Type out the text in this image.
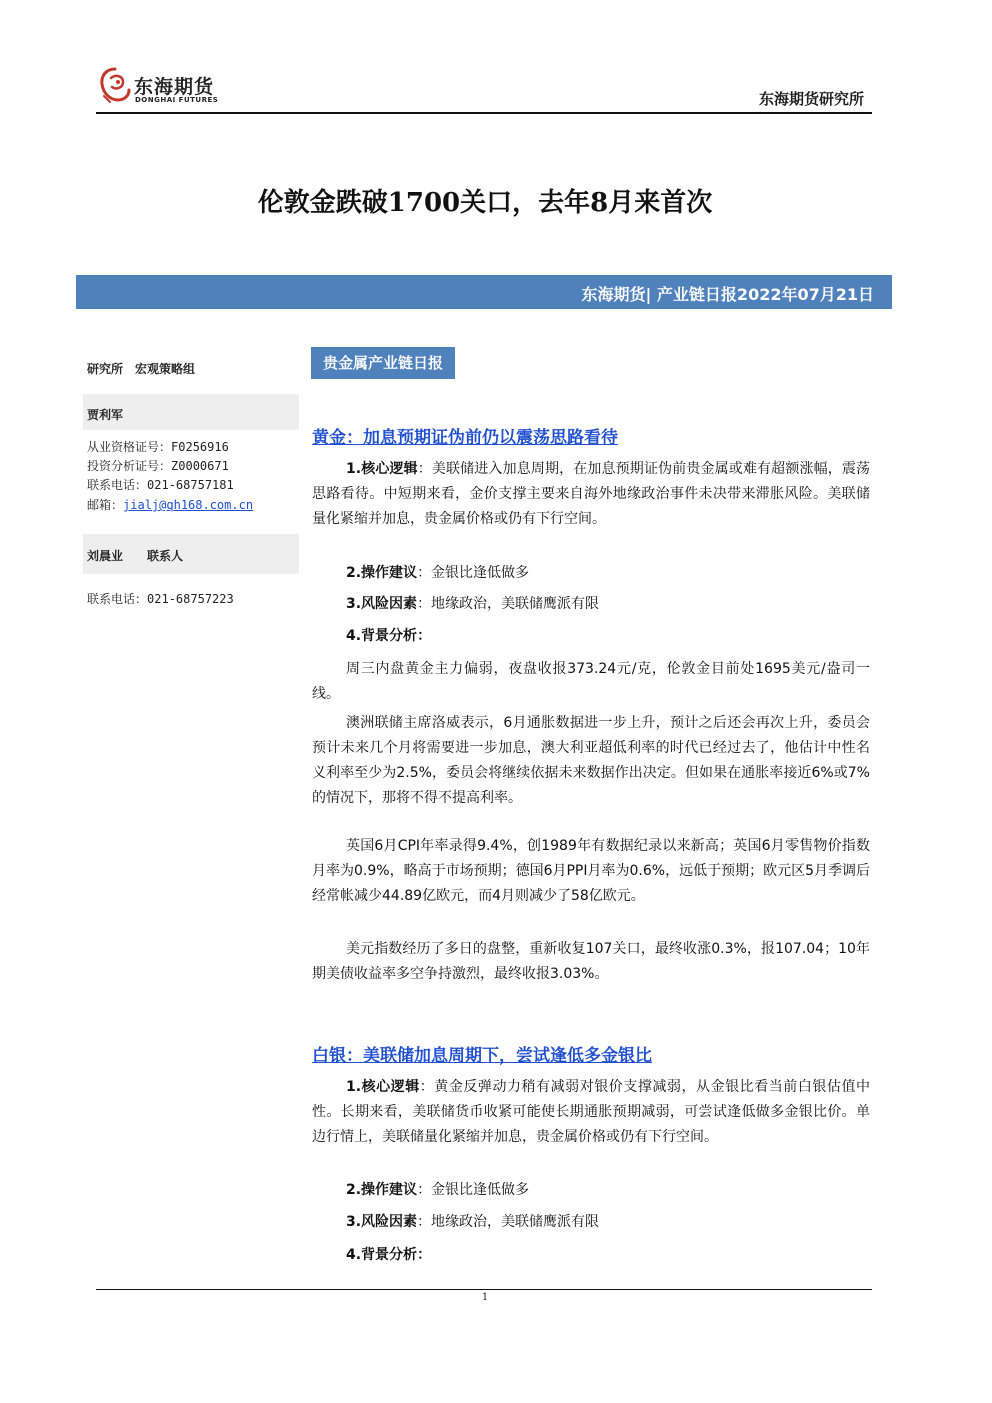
东海期货
DONGHAI FUTURES	东海期货研究所
伦敦金跌破1700关口，去年8月来首次
东海期货| 产业链日报2022年07月21日
研究所　宏观策略组
贾利军
从业资格证号：F0256916
投资分析证号：Z0000671
联系电话：021-68757181
邮箱：jialj@qh168.com.cn
刘晨业　　联系人
联系电话：021-68757223
贵金属产业链日报
黄金：加息预期证伪前仍以震荡思路看待
1.核心逻辑：美联储进入加息周期，在加息预期证伪前贵金属或难有超额涨幅，震荡思路看待。中短期来看，金价支撑主要来自海外地缘政治事件未决带来滞胀风险。美联储量化紧缩并加息，贵金属价格或仍有下行空间。
2.操作建议：金银比逢低做多
3.风险因素：地缘政治，美联储鹰派有限
4.背景分析：
周三内盘黄金主力偏弱，夜盘收报373.24元/克，伦敦金目前处1695美元/盎司一线。
澳洲联储主席洛威表示，6月通胀数据进一步上升，预计之后还会再次上升，委员会预计未来几个月将需要进一步加息，澳大利亚超低利率的时代已经过去了，他估计中性名义利率至少为2.5%，委员会将继续依据未来数据作出决定。但如果在通胀率接近6%或7%的情况下，那将不得不提高利率。
英国6月CPI年率录得9.4%，创1989年有数据纪录以来新高；英国6月零售物价指数月率为0.9%，略高于市场预期；德国6月PPI月率为0.6%，远低于预期；欧元区5月季调后经常帐减少44.89亿欧元，而4月则减少了58亿欧元。
美元指数经历了多日的盘整，重新收复107关口，最终收涨0.3%，报107.04；10年期美债收益率多空争持激烈，最终收报3.03%。
白银：美联储加息周期下，尝试逢低多金银比
1.核心逻辑：黄金反弹动力稍有减弱对银价支撑减弱，从金银比看当前白银估值中性。长期来看，美联储货币收紧可能使长期通胀预期减弱，可尝试逢低做多金银比价。单边行情上，美联储量化紧缩并加息，贵金属价格或仍有下行空间。
2.操作建议：金银比逢低做多
3.风险因素：地缘政治，美联储鹰派有限
4.背景分析：
1
